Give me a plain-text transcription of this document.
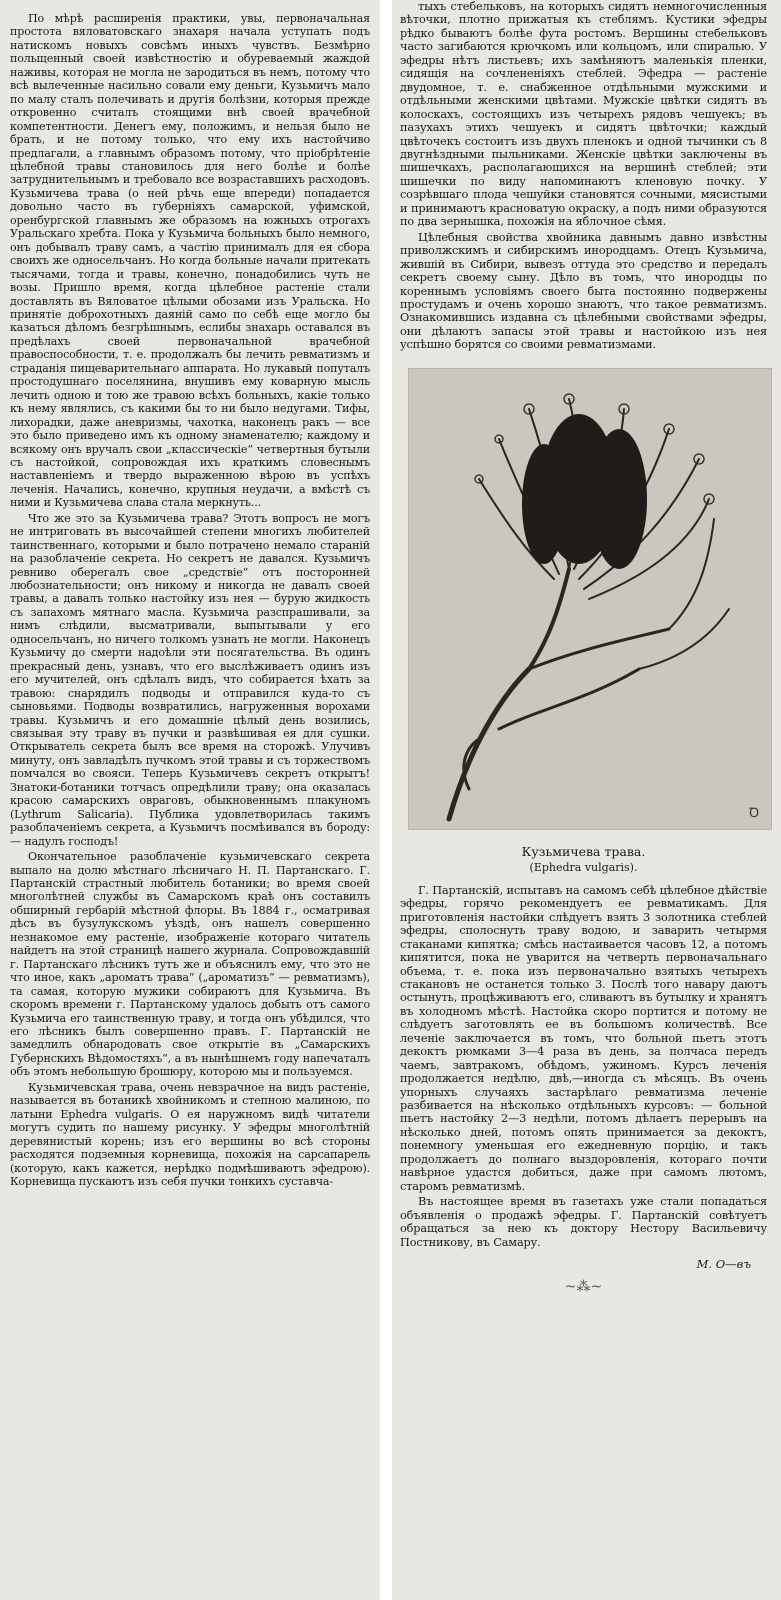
По мѣрѣ расширенія практики, увы, первоначальная простота вяловатовскаго знахаря начала уступать подъ натискомъ новыхъ совсѣмъ иныхъ чувствъ. Безмѣрно польщенный своей извѣстностію и обуреваемый жаждой наживы, которая не могла не зародиться въ немъ, потому что всѣ вылеченные насильно совали ему деньги, Кузьмичъ мало по малу сталъ полечивать и другія болѣзни, которыя прежде откровенно считалъ стоящими внѣ своей врачебной компетентности. Денегъ ему, положимъ, и нельзя было не брать, и не потому только, что ему ихъ настойчиво предлагали, а главнымъ образомъ потому, что пріобрѣтеніе цѣлебной травы становилось для него болѣе и болѣе затруднительнымъ и требовало все возраставшихъ расходовъ. Кузьмичева трава (о ней рѣчь еще впереди) попадается довольно часто въ губерніяхъ самарской, уфимской, оренбургской главнымъ же образомъ на южныхъ отрогахъ Уральскаго хребта. Пока у Кузьмича больныхъ было немного, онъ добывалъ траву самъ, а частію принималъ для ея сбора своихъ же односельчанъ. Но когда больные начали притекать тысячами, тогда и травы, конечно, понадобились чуть не возы. Пришло время, когда цѣлебное растеніе стали доставлять въ Вяловатое цѣлыми обозами изъ Уральска. Но принятіе доброхотныхъ даяній само по себѣ еще могло бы казаться дѣломъ безгрѣшнымъ, еслибы знахарь оставался въ предѣлахъ своей первоначальной врачебной правоспособности, т. е. продолжалъ бы лечить ревматизмъ и страданія пищеварительнаго аппарата. Но лукавый попуталъ простодушнаго поселянина, внушивъ ему коварную мысль лечить одною и тою же травою всѣхъ больныхъ, какіе только къ нему являлись, съ какими бы то ни было недугами. Тифы, лихорадки, даже аневризмы, чахотка, наконецъ ракъ — все это было приведено имъ къ одному знаменателю; каждому и всякому онъ вручалъ свои „классическіе“ четвертныя бутыли съ настойкой, сопровождая ихъ краткимъ словеснымъ наставленіемъ и твердо выраженною вѣрою въ успѣхъ леченія. Начались, конечно, крупныя неудачи, а вмѣстѣ съ ними и Кузьмичева слава стала меркнуть...

Что же это за Кузьмичева трава? Этотъ вопросъ не могъ не интриговать въ высочайшей степени многихъ любителей таинственнаго, которыми и было потрачено немало стараній на разоблаченіе секрета. Но секретъ не давался. Кузьмичъ ревниво оберегалъ свое „средствіе“ отъ посторонней любознательности; онъ никому и никогда не давалъ своей травы, а давалъ только настойку изъ нея — бурую жидкость съ запахомъ мятнаго масла. Кузьмича разспрашивали, за нимъ слѣдили, высматривали, выпытывали у его односельчанъ, но ничего толкомъ узнать не могли. Наконецъ Кузьмичу до смерти надоѣли эти посягательства. Въ одинъ прекрасный день, узнавъ, что его выслѣживаетъ одинъ изъ его мучителей, онъ сдѣлалъ видъ, что собирается ѣхать за травою: снарядилъ подводы и отправился куда-то съ сыновьями. Подводы возвратились, нагруженныя ворохами травы. Кузьмичъ и его домашніе цѣлый день возились, связывая эту траву въ пучки и развѣшивая ея для сушки. Открыватель секрета былъ все время на сторожѣ. Улучивъ минуту, онъ завладѣлъ пучкомъ этой травы и съ торжествомъ помчался во свояси. Теперь Кузьмичевъ секретъ открытъ! Знатоки-ботаники тотчасъ опредѣлили траву; она оказалась красою самарскихъ овраговъ, обыкновеннымъ плакуномъ (Lythrum Salicaria). Публика удовлетворилась такимъ разоблаченіемъ секрета, а Кузьмичъ посмѣивался въ бороду: — надулъ господъ!

Окончательное разоблаченіе кузьмичевскаго секрета выпало на долю мѣстнаго лѣсничаго Н. П. Партанскаго. Г. Партанскій страстный любитель ботаники; во время своей многолѣтней службы въ Самарскомъ краѣ онъ составилъ обширный гербарій мѣстной флоры. Въ 1884 г., осматривая дѣсъ въ бузулукскомъ уѣздѣ, онъ нашелъ совершенно незнакомое ему растеніе, изображеніе котораго читатель найдетъ на этой страницѣ нашего журнала. Сопровождавшій г. Партанскаго лѣсникъ тутъ же и объяснилъ ему, что это не что иное, какъ „ароматъ трава“ („ароматизъ“ — ревматизмъ), та самая, которую мужики собираютъ для Кузьмича. Въ скоромъ времени г. Партанскому удалось добыть отъ самого Кузьмича его таинственную траву, и тогда онъ убѣдился, что его лѣсникъ былъ совершенно правъ. Г. Партанскій не замедлилъ обнародовать свое открытіе въ „Самарскихъ Губернскихъ Вѣдомостяхъ“, а въ нынѣшнемъ году напечаталъ объ этомъ небольшую брошюру, которою мы и пользуемся.

Кузьмичевская трава, очень невзрачное на видъ растеніе, называется въ ботаникѣ хвойникомъ и степною малиною, по латыни Ephedra vulgaris. О ея наружномъ видѣ читатели могутъ судить по нашему рисунку. У эфедры многолѣтній деревянистый корень; изъ его вершины во всѣ стороны расходятся подземныя корневища, похожія на сарсапарель (которую, какъ кажется, нерѣдко подмѣшиваютъ эфедрою). Корневища пускаютъ изъ себя пучки тонкихъ суставча-

тыхъ стебельковъ, на которыхъ сидятъ немногочисленныя вѣточки, плотно прижатыя къ стеблямъ. Кустики эфедры рѣдко бываютъ болѣе фута ростомъ. Вершины стебельковъ часто загибаются крючкомъ или кольцомъ, или спиралью. У эфедры нѣтъ листьевъ; ихъ замѣняютъ маленькія пленки, сидящія на сочлененіяхъ стеблей. Эфедра — растеніе двудомное, т. е. снабженное отдѣльными мужскими и отдѣльными женскими цвѣтами. Мужскіе цвѣтки сидятъ въ колоскахъ, состоящихъ изъ четырехъ рядовъ чешуекъ; въ пазухахъ этихъ чешуекъ и сидятъ цвѣточки; каждый цвѣточекъ состоитъ изъ двухъ пленокъ и одной тычинки съ 8 двугнѣздными пыльниками. Женскіе цвѣтки заключены въ шишечкахъ, располагающихся на вершинѣ стеблей; эти шишечки по виду напоминаютъ кленовую почку. У созрѣвшаго плода чешуйки становятся сочными, мясистыми и принимаютъ красноватую окраску, а подъ ними образуются по два зернышка, похожія на яблочное сѣмя.

Цѣлебныя свойства хвойника давнымъ давно извѣстны приволжскимъ и сибирскимъ инородцамъ. Отецъ Кузьмича, жившій въ Сибири, вывезъ оттуда это средство и передалъ секретъ своему сыну. Дѣло въ томъ, что инородцы по кореннымъ условіямъ своего быта постоянно подвержены простудамъ и очень хорошо знаютъ, что такое ревматизмъ. Ознакомившись издавна съ цѣлебными свойствами эфедры, они дѣлаютъ запасы этой травы и настойкою изъ нея успѣшно борятся со своими ревматизмами.

Ꝺ
Кузьмичева трава.
(Ephedra vulgaris).

Г. Партанскій, испытавъ на самомъ себѣ цѣлебное дѣйствіе эфедры, горячо рекомендуетъ ее ревматикамъ. Для приготовленія настойки слѣдуетъ взять 3 золотника стеблей эфедры, сполоснуть траву водою, и заварить четырмя стаканами кипятка; смѣсь настаивается часовъ 12, а потомъ кипятится, пока не уварится на четверть первоначальнаго объема, т. е. пока изъ первоначально взятыхъ четырехъ стакановъ не останется только 3. Послѣ того навару даютъ остынуть, процѣживаютъ его, сливаютъ въ бутылку и хранятъ въ холодномъ мѣстѣ. Настойка скоро портится и потому не слѣдуетъ заготовлять ее въ большомъ количествѣ. Все леченіе заключается въ томъ, что больной пьетъ этотъ декоктъ рюмками 3—4 раза въ день, за полчаса передъ чаемъ, завтракомъ, обѣдомъ, ужиномъ. Курсъ леченія продолжается недѣлю, двѣ,—иногда съ мѣсяцъ. Въ очень упорныхъ случаяхъ застарѣлаго ревматизма леченіе разбивается на нѣсколько отдѣльныхъ курсовъ: — больной пьетъ настойку 2—3 недѣли, потомъ дѣлаетъ перерывъ на нѣсколько дней, потомъ опять принимается за декоктъ, понемногу уменьшая его ежедневную порцію, и такъ продолжаетъ до полнаго выздоровленія, котораго почти навѣрное удастся добиться, даже при самомъ лютомъ, старомъ ревматизмѣ.

Въ настоящее время въ газетахъ уже стали попадаться объявленія о продажѣ эфедры. Г. Партанскій совѣтуетъ обращаться за нею къ доктору Нестору Васильевичу Постникову, въ Самару.

М. О—въ
~⁂~
